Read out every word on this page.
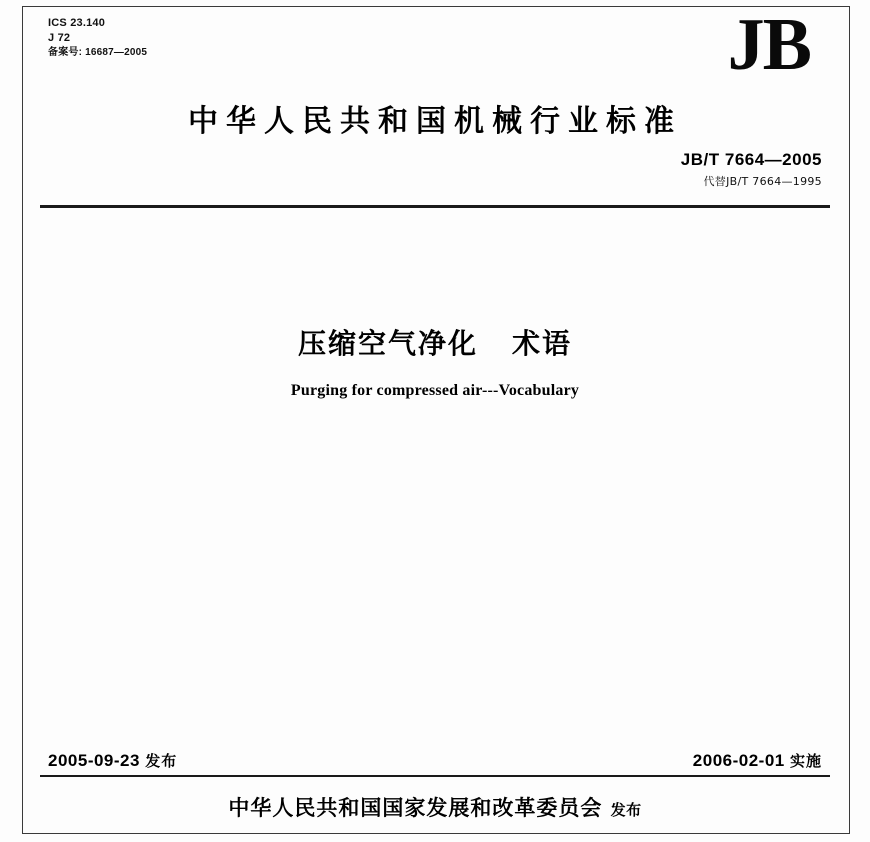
ICS 23.140
J 72
备案号: 16687—2005	JB
中华人民共和国机械行业标准
JB/T 7664—2005
代替JB/T 7664—1995
压缩空气净化 术语
Purging for compressed air---Vocabulary
2005-09-23 发布	2006-02-01 实施
中华人民共和国国家发展和改革委员会 发布
